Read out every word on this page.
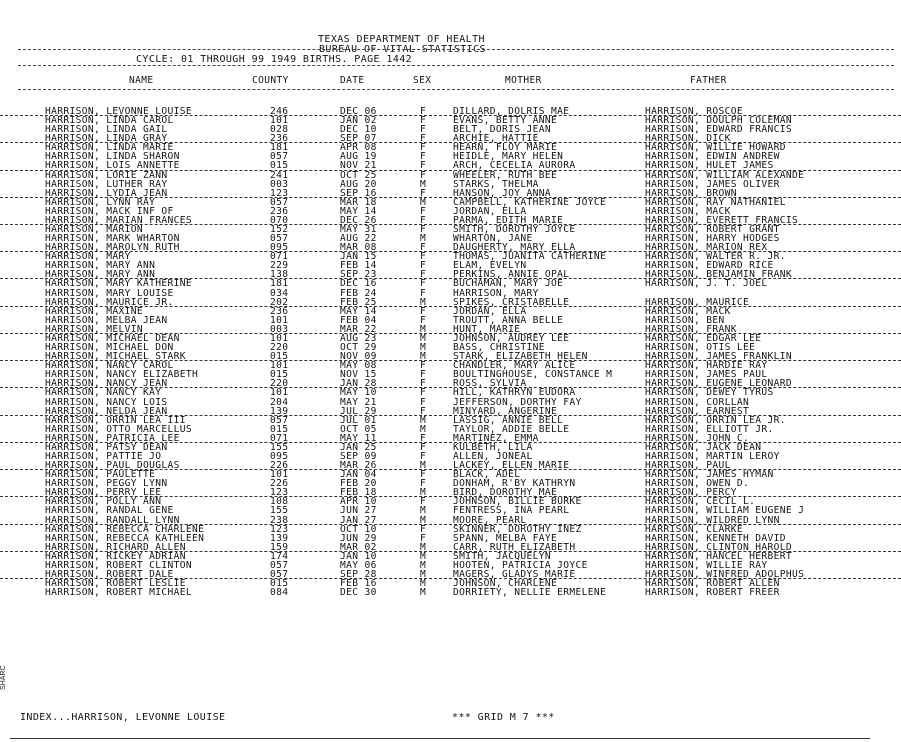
TEXAS DEPARTMENT OF HEALTH
BUREAU OF VITAL STATISTICS
CYCLE: 01 THROUGH 99 1949 BIRTHS. PAGE 1442
NAME	COUNTY	DATE	SEX	MOTHER	FATHER
HARRISON, LEVONNE LOUISE	246	DEC 06	F	DILLARD, DOLRIS MAE	HARRISON, ROSCOE
HARRISON, LINDA CAROL	101	JAN 02	F	EVANS, BETTY ANNE	HARRISON, DOULPH COLEMAN
HARRISON, LINDA GAIL	028	DEC 10	F	BELT, DORIS JEAN	HARRISON, EDWARD FRANCIS
HARRISON, LINDA GRAY	236	SEP 07	F	ARCHIE, HATTIE	HARRISON, DICK
HARRISON, LINDA MARIE	181	APR 08	F	HEARN, FLOY MARIE	HARRISON, WILLIE HOWARD
HARRISON, LINDA SHARON	057	AUG 19	F	HEIDLE, MARY HELEN	HARRISON, EDWIN ANDREW
HARRISON, LOIS ANNETTE	015	NOV 21	F	ARCH, CECELIA AURORA	HARRISON, HULET JAMES
HARRISON, LORIE ZANN	241	OCT 25	F	WHEELER, RUTH BEE	HARRISON, WILLIAM ALEXANDE
HARRISON, LUTHER RAY	003	AUG 20	M	STARKS, THELMA	HARRISON, JAMES OLIVER
HARRISON, LYDIA JEAN	123	SEP 16	F	HANSON, JOY ANNA	HARRISON, BROWN
HARRISON, LYNN RAY	057	MAR 18	M	CAMPBELL, KATHERINE JOYCE	HARRISON, RAY NATHANIEL
HARRISON, MACK INF OF	236	MAY 14	F	JORDAN, ELLA	HARRISON, MACK
HARRISON, MARIAN FRANCES	070	DEC 26	F	PARMA, EDITH MARIE	HARRISON, EVERETT FRANCIS
HARRISON, MARION	152	MAY 31	F	SMITH, DOROTHY JOYCE	HARRISON, ROBERT GRANT
HARRISON, MARK WHARTON	057	AUG 22	M	WHARTON, JANE	HARRISON, HARRY HODGES
HARRISON, MAROLYN RUTH	095	MAR 08	F	DAUGHERTY, MARY ELLA	HARRISON, MARION REX
HARRISON, MARY	071	JAN 15	F	THOMAS, JUANITA CATHERINE	HARRISON, WALTER R. JR.
HARRISON, MARY ANN	229	FEB 14	F	ELAM, EVELYN	HARRISON, EDWARD RICE
HARRISON, MARY ANN	138	SEP 23	F	PERKINS, ANNIE OPAL	HARRISON, BENJAMIN FRANK
HARRISON, MARY KATHERINE	181	DEC 16	F	BUCHAMAN, MARY JOE	HARRISON, J. T. JOEL
HARRISON, MARY LOUISE	034	FEB 24	F	HARRISON, MARY
HARRISON, MAURICE JR.	202	FEB 25	M	SPIKES, CRISTABELLE	HARRISON, MAURICE
HARRISON, MAXINE	236	MAY 14	F	JORDAN, ELLA	HARRISON, MACK
HARRISON, MELBA JEAN	101	FEB 04	F	TROUTT, ANNA BELLE	HARRISON, BEN
HARRISON, MELVIN	003	MAR 22	M	HUNT, MARIE	HARRISON, FRANK
HARRISON, MICHAEL DEAN	101	AUG 23	M	JOHNSON, AUDREY LEE	HARRISON, EDGAR LEE
HARRISON, MICHAEL DON	220	OCT 29	M	BASS, CHRISTINE	HARRISON, OTIS LEE
HARRISON, MICHAEL STARK	015	NOV 09	M	STARK, ELIZABETH HELEN	HARRISON, JAMES FRANKLIN
HARRISON, NANCY CAROL	101	MAY 08	F	CHANDLER, MARY ALICE	HARRISON, HARDIE RAY
HARRISON, NANCY ELIZABETH	015	NOV 15	F	BOULTINGHOUSE, CONSTANCE M	HARRISON, JAMES PAUL
HARRISON, NANCY JEAN	220	JAN 28	F	ROSS, SYLVIA	HARRISON, EUGENE LEONARD
HARRISON, NANCY KAY	101	MAY 10	F	HILL, KATHRYN EUDORA	HARRISON, DEWEY TYRUS
HARRISON, NANCY LOIS	204	MAY 21	F	JEFFERSON, DORTHY FAY	HARRISON, CORLLAN
HARRISON, NELDA JEAN	139	JUL 29	F	MINYARD, ANGERINE	HARRISON, EARNEST
HARRISON, ORRIN LEA III	057	JUL 01	M	LASSIG, ANNIE BELL	HARRISON, ORRIN LEA JR.
HARRISON, OTTO MARCELLUS	015	OCT 05	M	TAYLOR, ADDIE BELLE	HARRISON, ELLIOTT JR.
HARRISON, PATRICIA LEE	071	MAY 11	F	MARTINEZ, EMMA	HARRISON, JOHN C.
HARRISON, PATSY DEAN	155	JAN 25	F	KULBETH, LILA	HARRISON, JACK DEAN
HARRISON, PATTIE JO	095	SEP 09	F	ALLEN, JONEAL	HARRISON, MARTIN LEROY
HARRISON, PAUL DOUGLAS	226	MAR 26	M	LACKEY, ELLEN MARIE	HARRISON, PAUL
HARRISON, PAULETTE	101	JAN 04	F	BLACK, ADEL	HARRISON, JAMES HYMAN
HARRISON, PEGGY LYNN	226	FEB 20	F	DONHAM, R'BY KATHRYN	HARRISON, OWEN D.
HARRISON, PERRY LEE	123	FEB 18	M	BIRD, DOROTHY MAE	HARRISON, PERCY
HARRISON, POLLY ANN	108	APR 10	F	JOHNSON, BILLIE BURKE	HARRISON, CECIL L.
HARRISON, RANDAL GENE	155	JUN 27	M	FENTRESS, INA PEARL	HARRISON, WILLIAM EUGENE J
HARRISON, RANDALL LYNN	238	JAN 27	M	MOORE, PEARL	HARRISON, WILDRED LYNN
HARRISON, REBECCA CHARLENE	123	OCT 10	F	SKINNER, DOROTHY INEZ	HARRISON, CLARKE
HARRISON, REBECCA KATHLEEN	139	JUN 29	F	SPANN, MELBA FAYE	HARRISON, KENNETH DAVID
HARRISON, RICHARD ALLEN	159	MAR 02	M	CARR, RUTH ELIZABETH	HARRISON, CLINTON HAROLD
HARRISON, RICKEY ADRIAN	174	JAN 10	M	SMITH, JACQUELYN	HARRISON, HANCEL HERBERT
HARRISON, ROBERT CLINTON	057	MAY 06	M	HOOTEN, PATRICIA JOYCE	HARRISON, WILLIE RAY
HARRISON, ROBERT DALE	057	SEP 28	M	MAGERS, GLADYS MARIE	HARRISON, WINFRED ADOLPHUS
HARRISON, ROBERT LESLIE	015	FEB 16	M	JOHNSON, CHARLENE	HARRISON, ROBERT ALLEN
HARRISON, ROBERT MICHAEL	084	DEC 30	M	DORRIETY, NELLIE ERMELENE	HARRISON, ROBERT FREER
INDEX...HARRISON, LEVONNE LOUISE	*** GRID M 7 ***
SHARC
